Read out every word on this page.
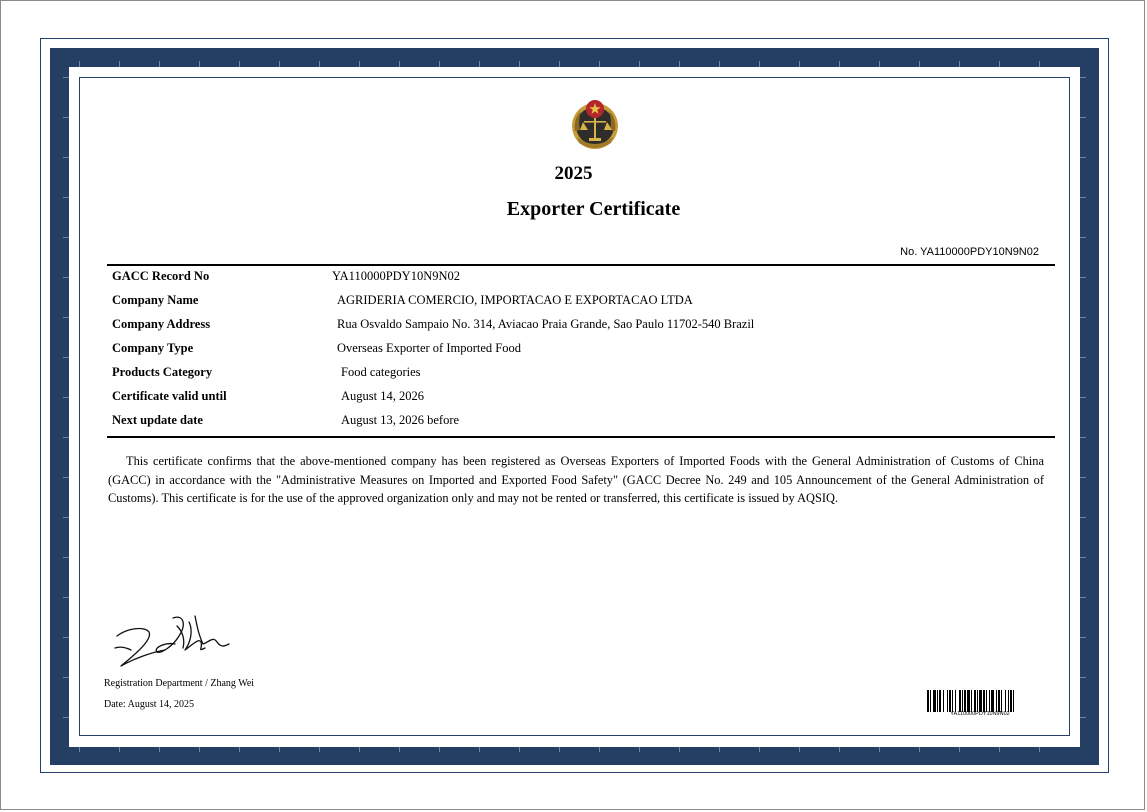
2025
Exporter Certificate
No. YA110000PDY10N9N02
GACC Record No	YA110000PDY10N9N02
Company Name	AGRIDERIA COMERCIO, IMPORTACAO E EXPORTACAO LTDA
Company Address	Rua Osvaldo Sampaio No. 314, Aviacao Praia Grande, Sao Paulo 11702-540 Brazil
Company Type	Overseas Exporter of Imported Food
Products Category	Food categories
Certificate valid until	August 14, 2026
Next update date	August 13, 2026 before
This certificate confirms that the above-mentioned company has been registered as Overseas Exporters of Imported Foods with the General Administration of Customs of China (GACC) in accordance with the "Administrative Measures on Imported and Exported Food Safety" (GACC Decree No. 249 and 105 Announcement of the General Administration of Customs). This certificate is for the use of the approved organization only and may not be rented or transferred, this certificate is issued by AQSIQ.
Registration Department / Zhang Wei
Date: August 14, 2025
YA110000PDY10N9N02
